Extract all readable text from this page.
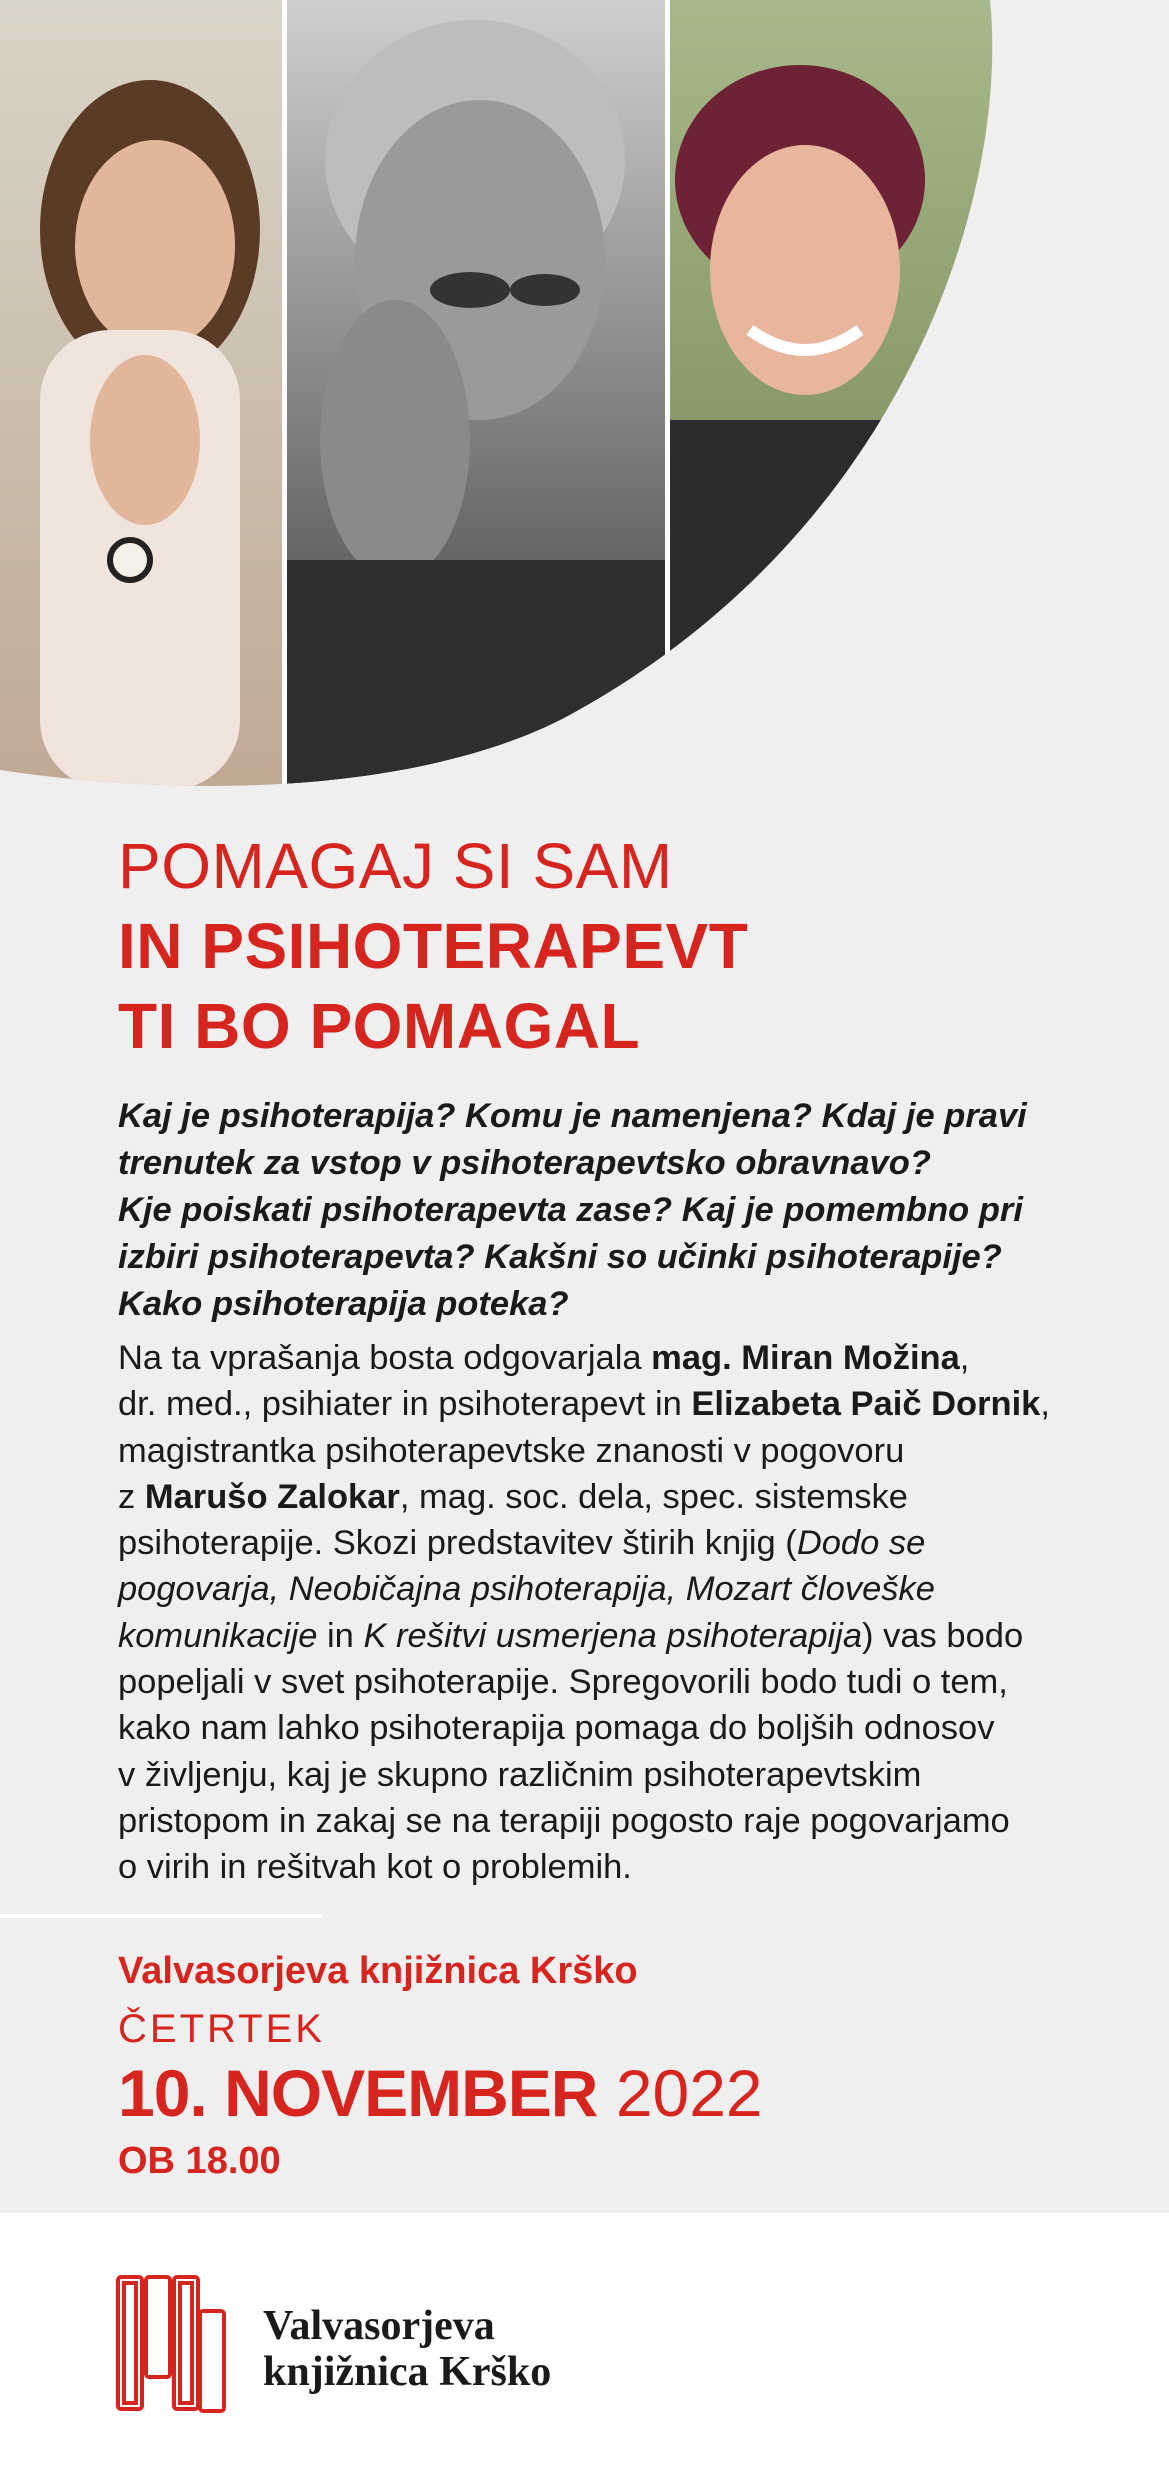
POMAGAJ SI SAM
IN PSIHOTERAPEVT
TI BO POMAGAL
Kaj je psihoterapija? Komu je namenjena? Kdaj je pravi
trenutek za vstop v psihoterapevtsko obravnavo?
Kje poiskati psihoterapevta zase? Kaj je pomembno pri
izbiri psihoterapevta? Kakšni so učinki psihoterapije?
Kako psihoterapija poteka?
Na ta vprašanja bosta odgovarjala mag. Miran Možina,
dr. med., psihiater in psihoterapevt in Elizabeta Paič Dornik,
magistrantka psihoterapevtske znanosti v pogovoru
z Marušo Zalokar, mag. soc. dela, spec. sistemske
psihoterapije. Skozi predstavitev štirih knjig (Dodo se
pogovarja, Neobičajna psihoterapija, Mozart človeške
komunikacije in K rešitvi usmerjena psihoterapija) vas bodo
popeljali v svet psihoterapije. Spregovorili bodo tudi o tem,
kako nam lahko psihoterapija pomaga do boljših odnosov
v življenju, kaj je skupno različnim psihoterapevtskim
pristopom in zakaj se na terapiji pogosto raje pogovarjamo
o virih in rešitvah kot o problemih.
Valvasorjeva knjižnica Krško
ČETRTEK
10. NOVEMBER 2022
OB 18.00
Valvasorjeva
knjižnica Krško
